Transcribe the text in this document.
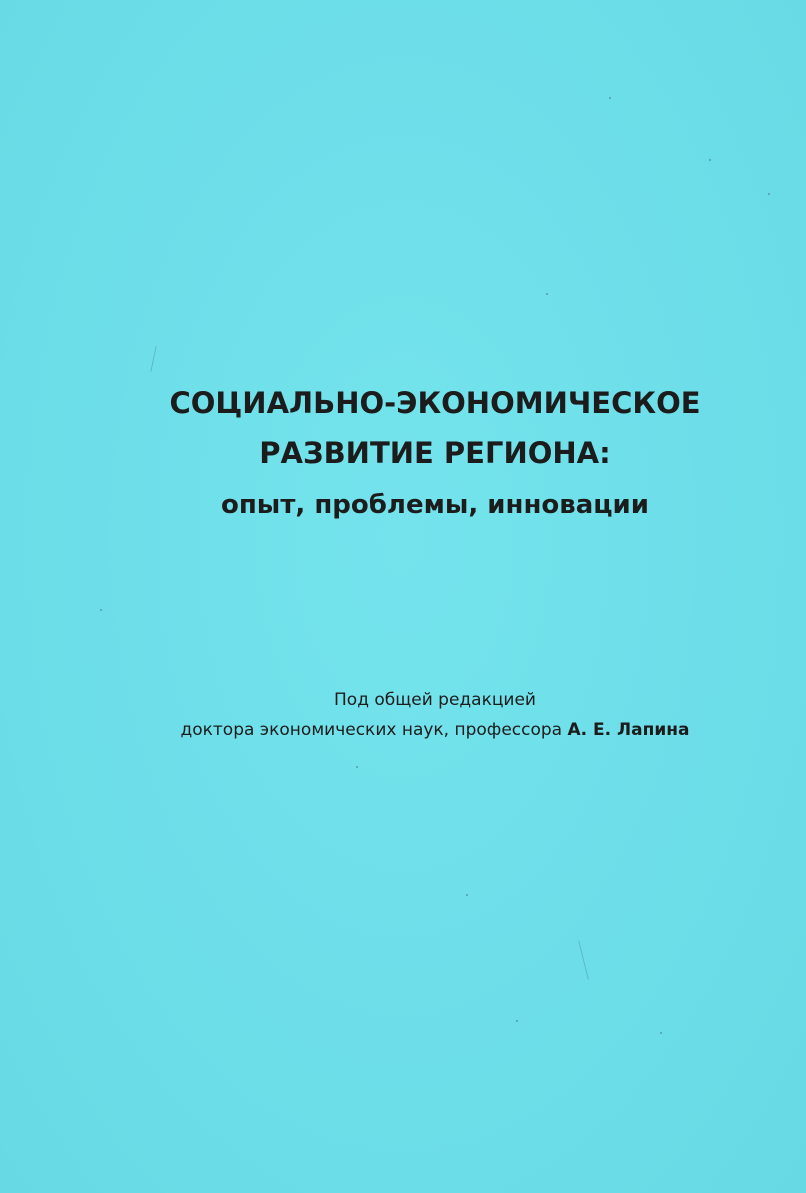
СОЦИАЛЬНО-ЭКОНОМИЧЕСКОЕ
РАЗВИТИЕ РЕГИОНА:
опыт, проблемы, инновации
Под общей редакцией
доктора экономических наук, профессора А. Е. Лапина
